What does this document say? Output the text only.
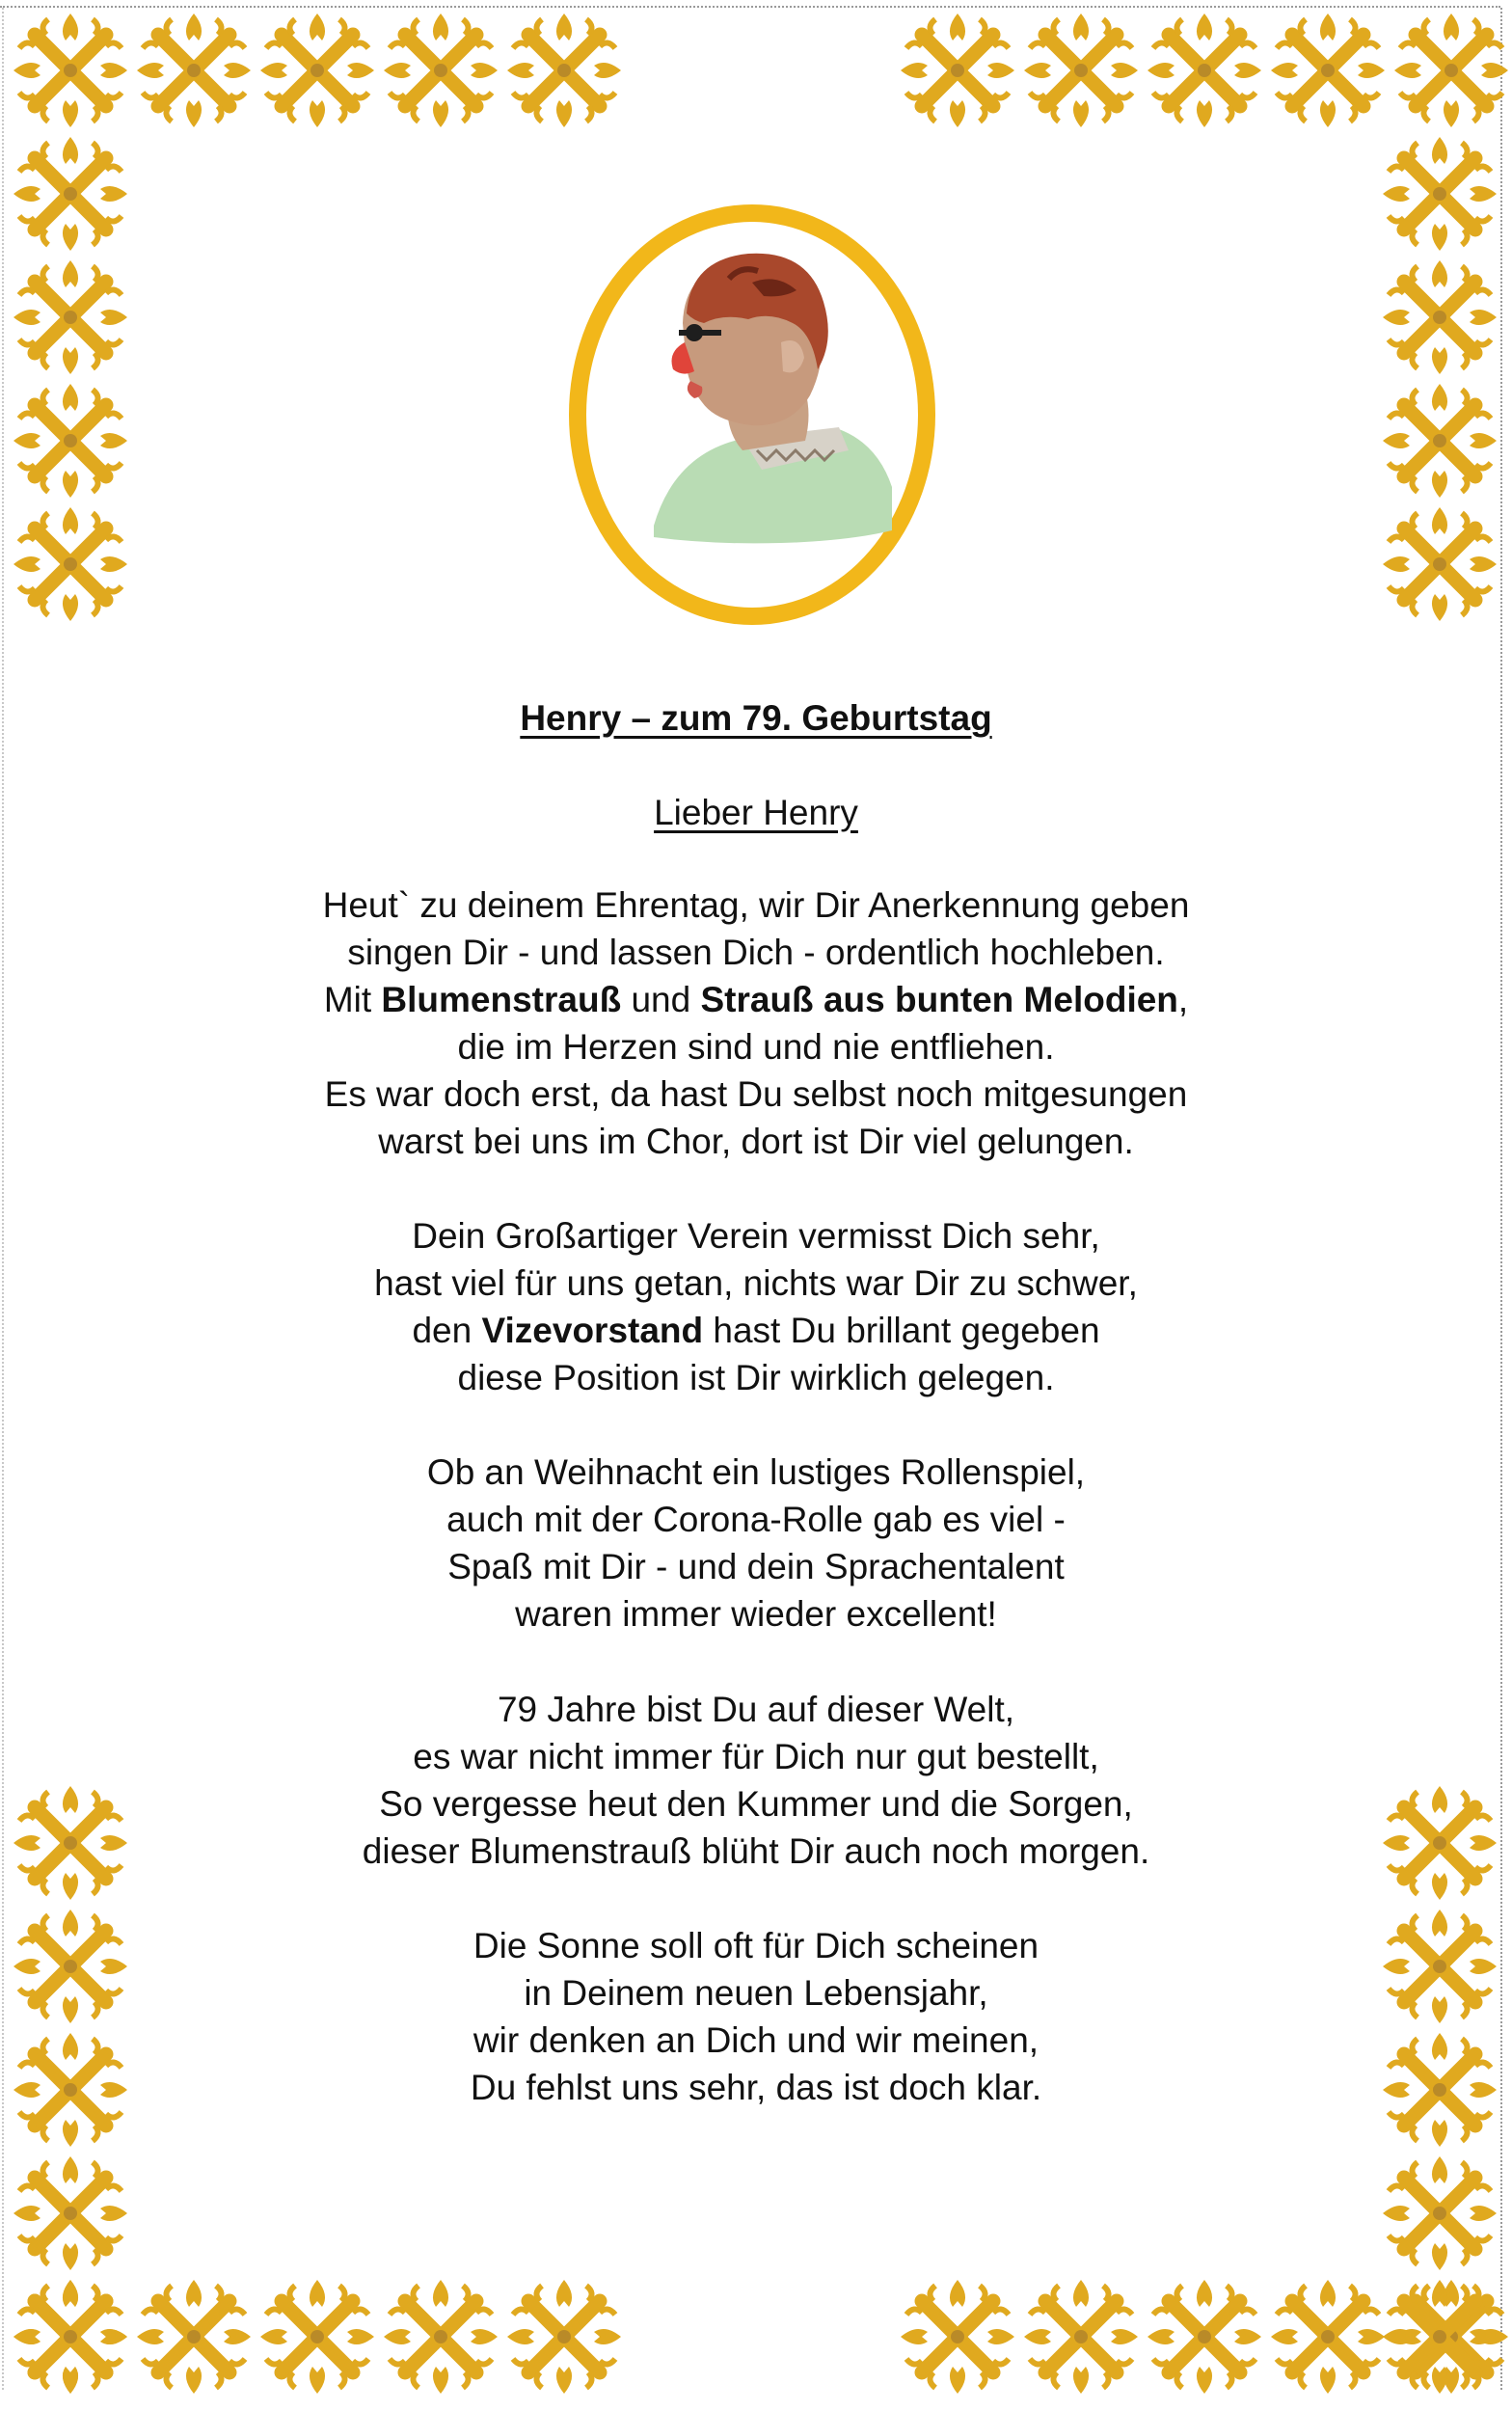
Henry – zum 79. Geburtstag
Lieber Henry
Heut` zu deinem Ehrentag, wir Dir Anerkennung geben
singen Dir - und lassen Dich - ordentlich hochleben.
Mit Blumenstrauß und Strauß aus bunten Melodien,
die im Herzen sind und nie entfliehen.
Es war doch erst, da hast Du selbst noch mitgesungen
warst bei uns im Chor, dort ist Dir viel gelungen.
Dein Großartiger Verein vermisst Dich sehr,
hast viel für uns getan, nichts war Dir zu schwer,
den Vizevorstand hast Du brillant gegeben
diese Position ist Dir wirklich gelegen.
Ob an Weihnacht ein lustiges Rollenspiel,
auch mit der Corona-Rolle gab es viel -
Spaß mit Dir - und dein Sprachentalent
waren immer wieder excellent!
79 Jahre bist Du auf dieser Welt,
es war nicht immer für Dich nur gut bestellt,
So vergesse heut den Kummer und die Sorgen,
dieser Blumenstrauß blüht Dir auch noch morgen.
Die Sonne soll oft für Dich scheinen
in Deinem neuen Lebensjahr,
wir denken an Dich und wir meinen,
Du fehlst uns sehr, das ist doch klar.
